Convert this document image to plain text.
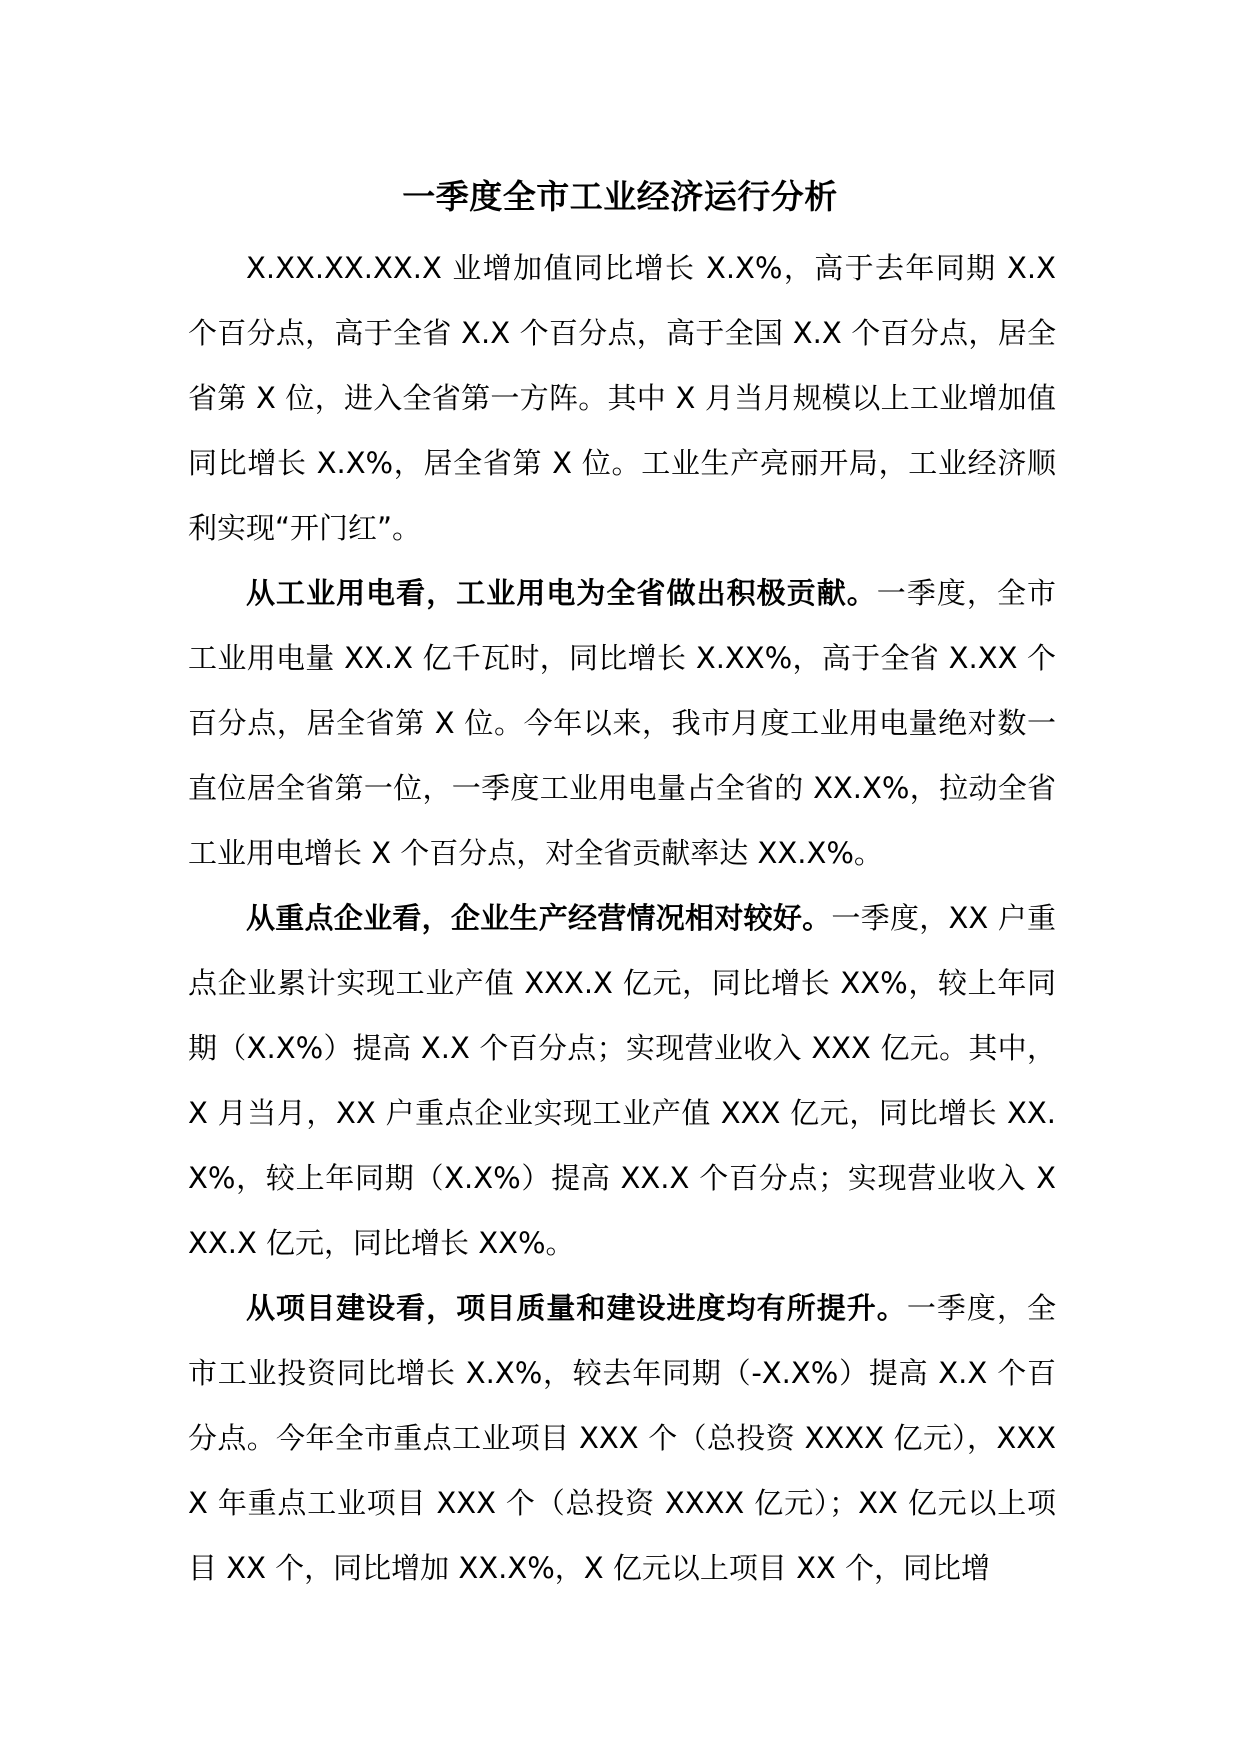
一季度全市工业经济运行分析

X.XX.XX.XX.X 业增加值同比增长 X.X%，高于去年同期 X.X 个百分点，高于全省 X.X 个百分点，高于全国 X.X 个百分点，居全省第 X 位，进入全省第一方阵。其中 X 月当月规模以上工业增加值同比增长 X.X%，居全省第 X 位。工业生产亮丽开局，工业经济顺利实现“开门红”。

从工业用电看，工业用电为全省做出积极贡献。一季度，全市工业用电量 XX.X 亿千瓦时，同比增长 X.XX%，高于全省 X.XX 个百分点，居全省第 X 位。今年以来，我市月度工业用电量绝对数一直位居全省第一位，一季度工业用电量占全省的 XX.X%，拉动全省工业用电增长 X 个百分点，对全省贡献率达 XX.X%。

从重点企业看，企业生产经营情况相对较好。一季度，XX 户重点企业累计实现工业产值 XXX.X 亿元，同比增长 XX%，较上年同期（X.X%）提高 X.X 个百分点；实现营业收入 XXX 亿元。其中，X 月当月，XX 户重点企业实现工业产值 XXX 亿元，同比增长 XX.X%，较上年同期（X.X%）提高 XX.X 个百分点；实现营业收入 XXX.X 亿元，同比增长 XX%。

从项目建设看，项目质量和建设进度均有所提升。一季度，全市工业投资同比增长 X.X%，较去年同期（-X.X%）提高 X.X 个百分点。今年全市重点工业项目 XXX 个（总投资 XXXX 亿元），XXXX 年重点工业项目 XXX 个（总投资 XXXX 亿元）；XX 亿元以上项目 XX 个，同比增加 XX.X%，X 亿元以上项目 XX 个，同比增
